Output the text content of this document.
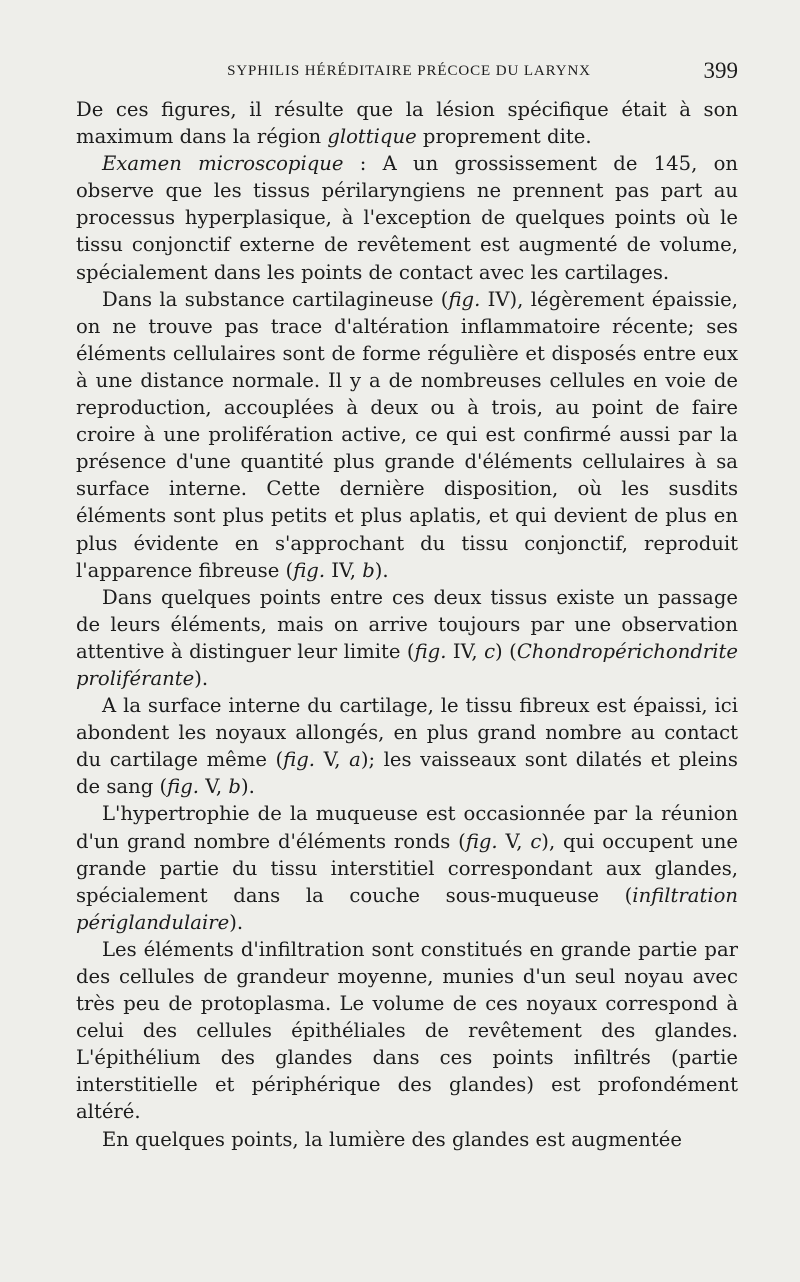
SYPHILIS HÉRÉDITAIRE PRÉCOCE DU LARYNX	399

De ces figures, il résulte que la lésion spécifique était à son maximum dans la région glottique proprement dite.

Examen microscopique : A un grossissement de 145, on observe que les tissus périlaryngiens ne prennent pas part au processus hyperplasique, à l'exception de quelques points où le tissu conjonctif externe de revêtement est augmenté de volume, spécialement dans les points de contact avec les cartilages.

Dans la substance cartilagineuse (fig. IV), légèrement épaissie, on ne trouve pas trace d'altération inflammatoire récente; ses éléments cellulaires sont de forme régulière et disposés entre eux à une distance normale. Il y a de nombreuses cellules en voie de reproduction, accouplées à deux ou à trois, au point de faire croire à une prolifération active, ce qui est confirmé aussi par la présence d'une quantité plus grande d'éléments cellulaires à sa surface interne. Cette dernière disposition, où les susdits éléments sont plus petits et plus aplatis, et qui devient de plus en plus évidente en s'approchant du tissu conjonctif, reproduit l'apparence fibreuse (fig. IV, b).

Dans quelques points entre ces deux tissus existe un passage de leurs éléments, mais on arrive toujours par une observation attentive à distinguer leur limite (fig. IV, c) (Chondropérichondrite proliférante).

A la surface interne du cartilage, le tissu fibreux est épaissi, ici abondent les noyaux allongés, en plus grand nombre au contact du cartilage même (fig. V, a); les vaisseaux sont dilatés et pleins de sang (fig. V, b).

L'hypertrophie de la muqueuse est occasionnée par la réunion d'un grand nombre d'éléments ronds (fig. V, c), qui occupent une grande partie du tissu interstitiel correspondant aux glandes, spécialement dans la couche sous-muqueuse (infiltration périglandulaire).

Les éléments d'infiltration sont constitués en grande partie par des cellules de grandeur moyenne, munies d'un seul noyau avec très peu de protoplasma. Le volume de ces noyaux correspond à celui des cellules épithéliales de revêtement des glandes. L'épithélium des glandes dans ces points infiltrés (partie interstitielle et périphérique des glandes) est profondément altéré.

En quelques points, la lumière des glandes est augmentée
